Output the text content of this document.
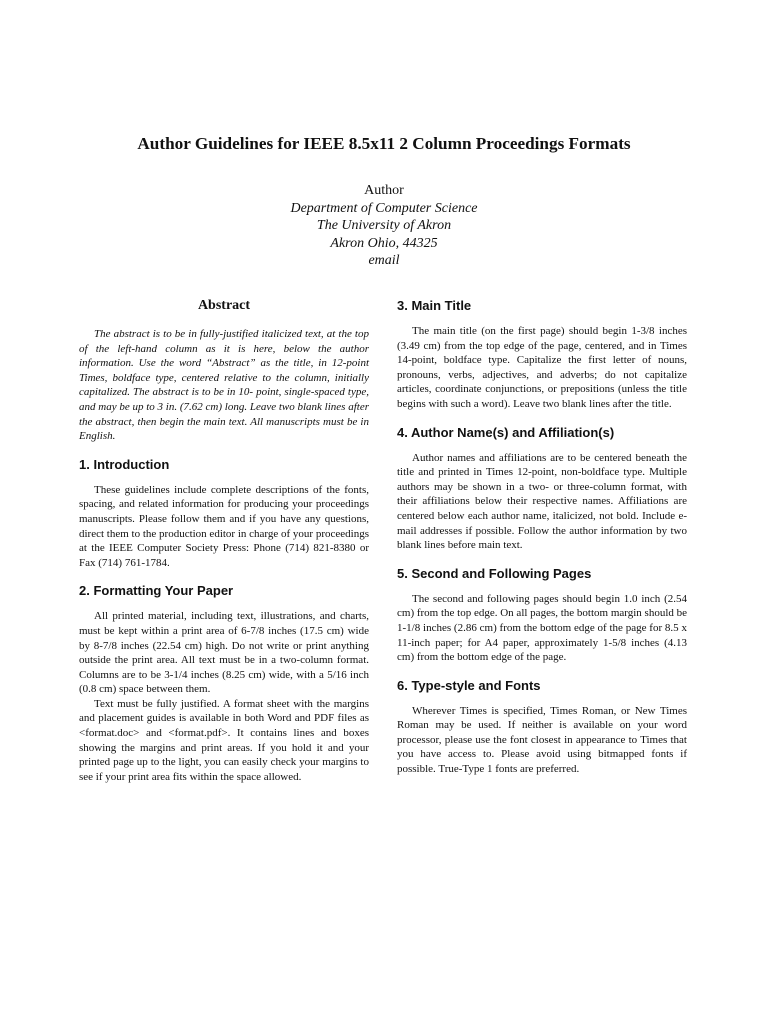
Author Guidelines for IEEE 8.5x11 2 Column Proceedings Formats
Author
Department of Computer Science
The University of Akron
Akron Ohio, 44325
email
Abstract

The abstract is to be in fully-justified italicized text, at the top of the left-hand column as it is here, below the author information. Use the word “Abstract” as the title, in 12-point Times, boldface type, centered relative to the column, initially capitalized. The abstract is to be in 10- point, single-spaced type, and may be up to 3 in. (7.62 cm) long. Leave two blank lines after the abstract, then begin the main text. All manuscripts must be in English.

1. Introduction

These guidelines include complete descriptions of the fonts, spacing, and related information for producing your proceedings manuscripts. Please follow them and if you have any questions, direct them to the production editor in charge of your proceedings at the IEEE Computer Society Press: Phone (714) 821-8380 or Fax (714) 761-1784.

2. Formatting Your Paper

All printed material, including text, illustrations, and charts, must be kept within a print area of 6-7/8 inches (17.5 cm) wide by 8-7/8 inches (22.54 cm) high. Do not write or print anything outside the print area. All text must be in a two-column format. Columns are to be 3-1/4 inches (8.25 cm) wide, with a 5/16 inch (0.8 cm) space between them.

Text must be fully justified. A format sheet with the margins and placement guides is available in both Word and PDF files as <format.doc> and <format.pdf>. It contains lines and boxes showing the margins and print areas. If you hold it and your printed page up to the light, you can easily check your margins to see if your print area fits within the space allowed.

3. Main Title

The main title (on the first page) should begin 1-3/8 inches (3.49 cm) from the top edge of the page, centered, and in Times 14-point, boldface type. Capitalize the first letter of nouns, pronouns, verbs, adjectives, and adverbs; do not capitalize articles, coordinate conjunctions, or prepositions (unless the title begins with such a word). Leave two blank lines after the title.

4. Author Name(s) and Affiliation(s)

Author names and affiliations are to be centered beneath the title and printed in Times 12-point, non-boldface type. Multiple authors may be shown in a two- or three-column format, with their affiliations below their respective names. Affiliations are centered below each author name, italicized, not bold. Include e-mail addresses if possible. Follow the author information by two blank lines before main text.

5. Second and Following Pages

The second and following pages should begin 1.0 inch (2.54 cm) from the top edge. On all pages, the bottom margin should be 1-1/8 inches (2.86 cm) from the bottom edge of the page for 8.5 x 11-inch paper; for A4 paper, approximately 1-5/8 inches (4.13 cm) from the bottom edge of the page.

6. Type-style and Fonts

Wherever Times is specified, Times Roman, or New Times Roman may be used. If neither is available on your word processor, please use the font closest in appearance to Times that you have access to. Please avoid using bitmapped fonts if possible. True-Type 1 fonts are preferred.
